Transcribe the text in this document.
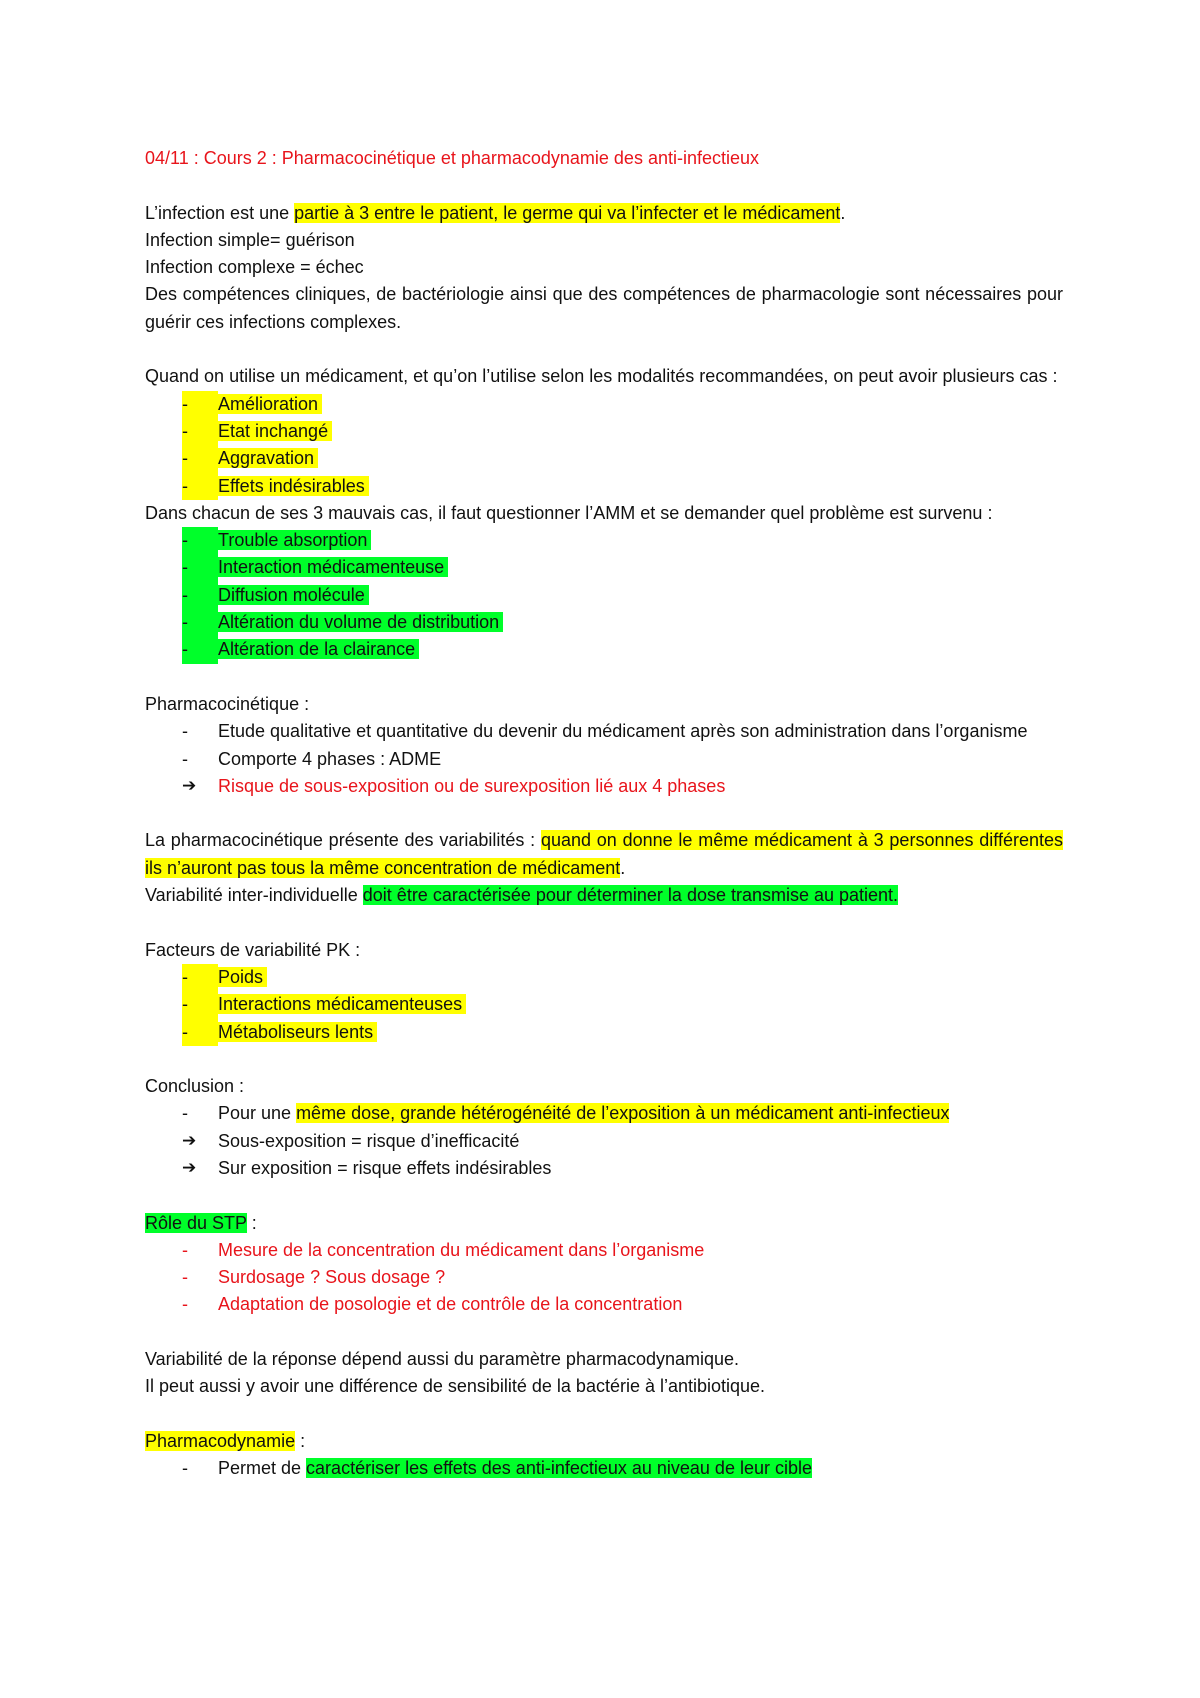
04/11 : Cours 2 : Pharmacocinétique et pharmacodynamie des anti-infectieux

L’infection est une partie à 3 entre le patient, le germe qui va l’infecter et le médicament.

Infection simple= guérison

Infection complexe = échec

Des compétences cliniques, de bactériologie ainsi que des compétences de pharmacologie sont nécessaires pour guérir ces infections complexes.

Quand on utilise un médicament, et qu’on l’utilise selon les modalités recommandées, on peut avoir plusieurs cas :

-	Amélioration
-	Etat inchangé
-	Aggravation
-	Effets indésirables

Dans chacun de ses 3 mauvais cas, il faut questionner l’AMM et se demander quel problème est survenu :

-	Trouble absorption
-	Interaction médicamenteuse
-	Diffusion molécule
-	Altération du volume de distribution
-	Altération de la clairance

Pharmacocinétique :

-	Etude qualitative et quantitative du devenir du médicament après son administration dans l’organisme
-	Comporte 4 phases : ADME
➔	Risque de sous-exposition ou de surexposition lié aux 4 phases

La pharmacocinétique présente des variabilités : quand on donne le même médicament à 3 personnes différentes ils n’auront pas tous la même concentration de médicament.

Variabilité inter-individuelle doit être caractérisée pour déterminer la dose transmise au patient.

Facteurs de variabilité PK :

-	Poids
-	Interactions médicamenteuses
-	Métaboliseurs lents

Conclusion :

-	Pour une même dose, grande hétérogénéité de l’exposition à un médicament anti-infectieux
➔	Sous-exposition = risque d’inefficacité
➔	Sur exposition = risque effets indésirables

Rôle du STP :

-	Mesure de la concentration du médicament dans l’organisme
-	Surdosage ? Sous dosage ?
-	Adaptation de posologie et de contrôle de la concentration

Variabilité de la réponse dépend aussi du paramètre pharmacodynamique.

Il peut aussi y avoir une différence de sensibilité de la bactérie à l’antibiotique.

Pharmacodynamie :

-	Permet de caractériser les effets des anti-infectieux au niveau de leur cible
